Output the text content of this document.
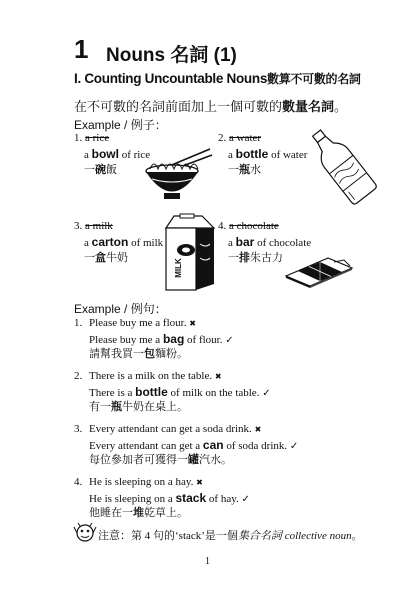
1 Nouns 名詞 (1)
I. Counting Uncountable Nouns數算不可數的名詞
在不可數的名詞前面加上一個可數的數量名詞。
Example / 例子：
1. a rice
a bowl of rice
一碗飯
2. a water
a bottle of water
一瓶水
3. a milk
a carton of milk
一盒牛奶
MILK
4. a chocolate
a bar of chocolate
一排朱古力
Example / 例句：
1. Please buy me a flour. ✖
Please buy me a bag of flour. ✓
請幫我買一包麵粉。
2. There is a milk on the table. ✖
There is a bottle of milk on the table. ✓
有一瓶牛奶在桌上。
3. Every attendant can get a soda drink. ✖
Every attendant can get a can of soda drink. ✓
每位參加者可獲得一罐汽水。
4. He is sleeping on a hay. ✖
He is sleeping on a stack of hay. ✓
他睡在一堆乾草上。
注意：第 4 句的‘stack’是一個集合名詞 collective noun。
1
